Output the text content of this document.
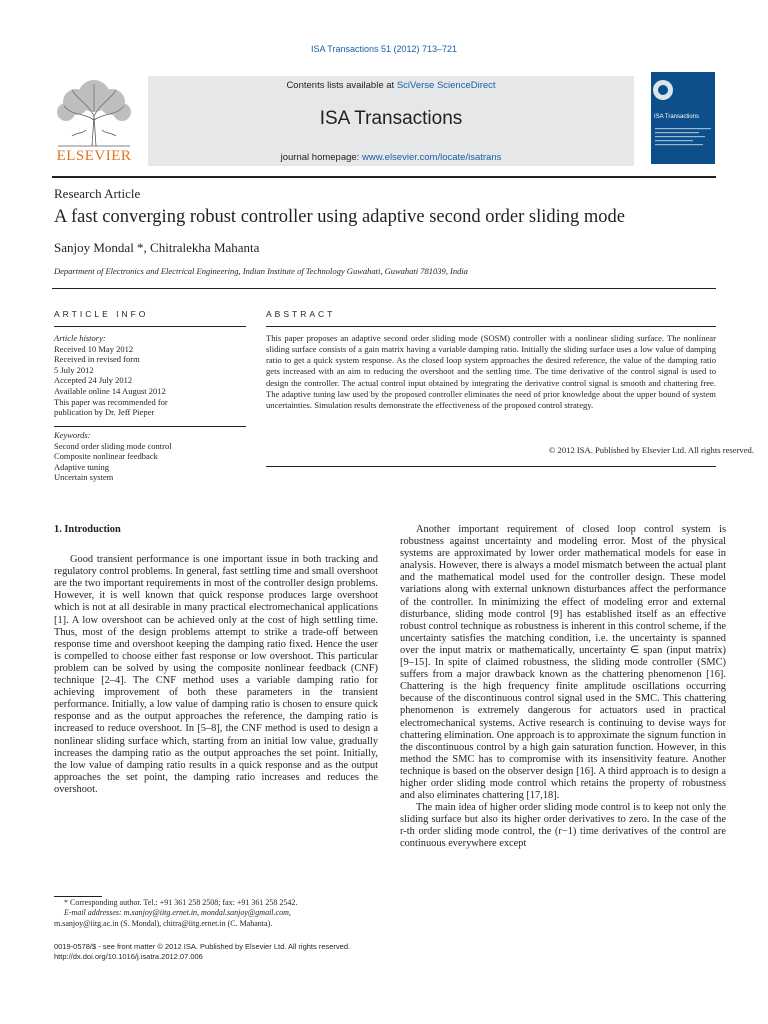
ISA Transactions 51 (2012) 713–721
ELSEVIER
Contents lists available at SciVerse ScienceDirect
ISA Transactions
journal homepage: www.elsevier.com/locate/isatrans
ISA Transactions
Research Article
A fast converging robust controller using adaptive second order sliding mode
Sanjoy Mondal *, Chitralekha Mahanta
Department of Electronics and Electrical Engineering, Indian Institute of Technology Guwahati, Guwahati 781039, India
ARTICLE INFO	ABSTRACT
Article history:
Received 10 May 2012
Received in revised form
5 July 2012
Accepted 24 July 2012
Available online 14 August 2012
This paper was recommended for
publication by Dr. Jeff Pieper
Keywords:
Second order sliding mode control
Composite nonlinear feedback
Adaptive tuning
Uncertain system
This paper proposes an adaptive second order sliding mode (SOSM) controller with a nonlinear sliding surface. The nonlinear sliding surface consists of a gain matrix having a variable damping ratio. Initially the sliding surface uses a low value of damping ratio to get a quick system response. As the closed loop system approaches the desired reference, the value of the damping ratio gets increased with an aim to reducing the overshoot and the settling time. The time derivative of the control signal is used to design the controller. The actual control input obtained by integrating the derivative control signal is smooth and chattering free. The adaptive tuning law used by the proposed controller eliminates the need of prior knowledge about the upper bound of system uncertainties. Simulation results demonstrate the effectiveness of the proposed control strategy.
© 2012 ISA. Published by Elsevier Ltd. All rights reserved.
1. Introduction
Good transient performance is one important issue in both tracking and regulatory control problems. In general, fast settling time and small overshoot are the two important requirements in most of the controller design problems. However, it is well known that quick response produces large overshoot which is not at all desirable in many practical electromechanical applications [1]. A low overshoot can be achieved only at the cost of high settling time. Thus, most of the design problems attempt to strike a trade-off between response time and overshoot keeping the damping ratio fixed. Hence the user is compelled to choose either fast response or low overshoot. This particular problem can be solved by using the composite nonlinear feedback (CNF) technique [2–4]. The CNF method uses a variable damping ratio for achieving improvement of both these parameters in the transient performance. Initially, a low value of damping ratio is chosen to ensure quick response and as the output approaches the reference, the damping ratio is increased to reduce overshoot. In [5–8], the CNF method is used to design a nonlinear sliding surface which, starting from an initial low value, gradually increases the damping ratio as the output approaches the set point. Initially, the low value of damping ratio results in a quick response and as the output approaches the set point, the damping ratio increases and reduces the overshoot.
Another important requirement of closed loop control system is robustness against uncertainty and modeling error. Most of the physical systems are approximated by lower order mathematical models for ease in analysis. However, there is always a model mismatch between the actual plant and the mathematical model used for the controller design. These model variations along with external unknown disturbances affect the performance of the controller. In minimizing the effect of modeling error and external disturbance, sliding mode control [9] has established itself as an effective robust control technique as robustness is inherent in this control scheme, if the uncertainty satisfies the matching condition, i.e. the uncertainty is spanned over the input matrix or mathematically, uncertainty ∈ span (input matrix) [9–15]. In spite of claimed robustness, the sliding mode controller (SMC) suffers from a major drawback known as the chattering phenomenon [16]. Chattering is the high frequency finite amplitude oscillations occurring because of the discontinuous control signal used in the SMC. This chattering phenomenon is extremely dangerous for actuators used in practical electromechanical systems. Active research is continuing to devise ways for chattering elimination. One approach is to approximate the signum function in the discontinuous control by a high gain saturation function. However, in this method the SMC has to compromise with its insensitivity feature. Another technique is based on the observer design [16]. A third approach is to design a higher order sliding mode control which retains the property of robustness and also eliminates chattering [17,18].
The main idea of higher order sliding mode control is to keep not only the sliding surface but also its higher order derivatives to zero. In the case of the r-th order sliding mode control, the (r−1) time derivatives of the control are continuous everywhere except
* Corresponding author. Tel.: +91 361 258 2508; fax: +91 361 258 2542.
E-mail addresses: m.sanjoy@iitg.ernet.in, mondal.sanjoy@gmail.com,
m.sanjoy@iitg.ac.in (S. Mondal), chitra@iitg.ernet.in (C. Mahanta).
0019-0578/$ - see front matter © 2012 ISA. Published by Elsevier Ltd. All rights reserved.
http://dx.doi.org/10.1016/j.isatra.2012.07.006
